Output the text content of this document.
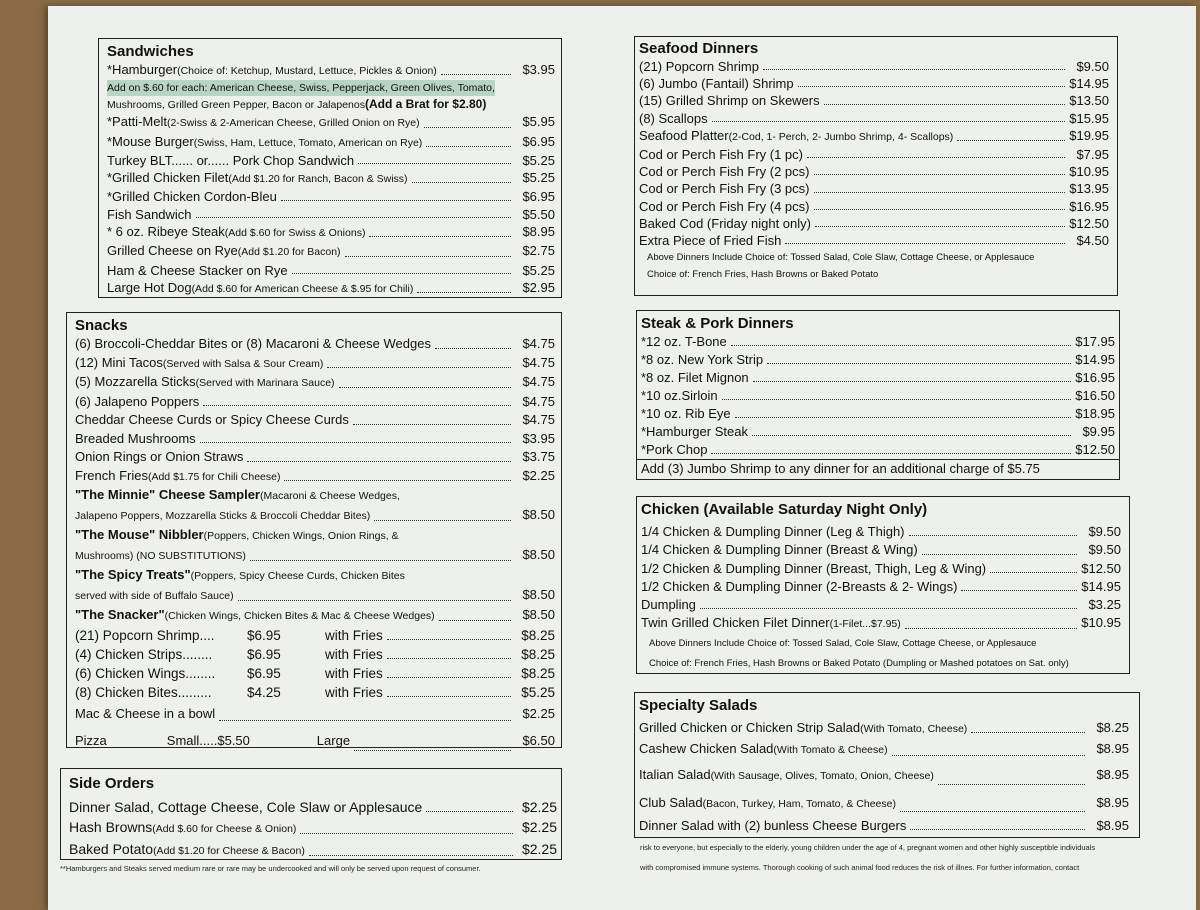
Sandwiches
*Hamburger (Choice of: Ketchup, Mustard, Lettuce, Pickles & Onion)	$3.95
Add on $.60 for each: American Cheese, Swiss, Pepperjack, Green Olives, Tomato,
Mushrooms, Grilled Green Pepper, Bacon or Jalapenos (Add a Brat for $2.80)
*Patti-Melt (2-Swiss & 2-American Cheese, Grilled Onion on Rye)	$5.95
*Mouse Burger (Swiss, Ham, Lettuce, Tomato, American on Rye)	$6.95
Turkey BLT...... or...... Pork Chop Sandwich	$5.25
*Grilled Chicken Filet (Add $1.20 for Ranch, Bacon & Swiss)	$5.25
*Grilled Chicken Cordon-Bleu	$6.95
Fish Sandwich	$5.50
* 6 oz. Ribeye Steak (Add $.60 for Swiss & Onions)	$8.95
Grilled Cheese on Rye (Add $1.20 for Bacon)	$2.75
Ham & Cheese Stacker on Rye	$5.25
Large Hot Dog (Add $.60 for American Cheese & $.95 for Chili)	$2.95
Snacks
(6) Broccoli-Cheddar Bites or (8) Macaroni & Cheese Wedges	$4.75
(12) Mini Tacos (Served with Salsa & Sour Cream)	$4.75
(5) Mozzarella Sticks (Served with Marinara Sauce)	$4.75
(6) Jalapeno Poppers	$4.75
Cheddar Cheese Curds or Spicy Cheese Curds	$4.75
Breaded Mushrooms	$3.95
Onion Rings or Onion Straws	$3.75
French Fries (Add $1.75 for Chili Cheese)	$2.25
"The Minnie" Cheese Sampler (Macaroni & Cheese Wedges,
Jalapeno Poppers, Mozzarella Sticks & Broccoli Cheddar Bites)	$8.50
"The Mouse" Nibbler (Poppers, Chicken Wings, Onion Rings, &
Mushrooms) (NO SUBSTITUTIONS)	$8.50
"The Spicy Treats" (Poppers, Spicy Cheese Curds, Chicken Bites
served with side of Buffalo Sauce)	$8.50
"The Snacker" (Chicken Wings, Chicken Bites & Mac & Cheese Wedges)	$8.50
(21) Popcorn Shrimp....	$6.95	with Fries	$8.25
(4) Chicken Strips........	$6.95	with Fries	$8.25
(6) Chicken Wings........	$6.95	with Fries	$8.25
(8) Chicken Bites.........	$4.25	with Fries	$5.25
Mac & Cheese in a bowl	$2.25
Pizza	Small.....$5.50	Large	$6.50
Side Orders
Dinner Salad, Cottage Cheese, Cole Slaw or Applesauce	$2.25
Hash Browns (Add $.60 for Cheese & Onion)	$2.25
Baked Potato (Add $1.20 for Cheese & Bacon)	$2.25
**Hamburgers and Steaks served medium rare or rare may be undercooked and will only be served upon request of consumer.
Seafood Dinners
(21) Popcorn Shrimp	$9.50
(6) Jumbo (Fantail) Shrimp	$14.95
(15) Grilled Shrimp on Skewers	$13.50
(8) Scallops	$15.95
Seafood Platter (2-Cod, 1- Perch, 2- Jumbo Shrimp, 4- Scallops)	$19.95
Cod or Perch Fish Fry (1 pc)	$7.95
Cod or Perch Fish Fry (2 pcs)	$10.95
Cod or Perch Fish Fry (3 pcs)	$13.95
Cod or Perch Fish Fry (4 pcs)	$16.95
Baked Cod (Friday night only)	$12.50
Extra Piece of Fried Fish	$4.50
Above Dinners Include Choice of: Tossed Salad, Cole Slaw, Cottage Cheese, or Applesauce
Choice of: French Fries, Hash Browns or Baked Potato
Steak & Pork Dinners
*12 oz. T-Bone	$17.95
*8 oz. New York Strip	$14.95
*8 oz. Filet Mignon	$16.95
*10 oz.Sirloin	$16.50
*10 oz. Rib Eye	$18.95
*Hamburger Steak	$9.95
*Pork Chop	$12.50
Add (3) Jumbo Shrimp to any dinner for an additional charge of $5.75
Chicken (Available Saturday Night Only)
1/4 Chicken & Dumpling Dinner (Leg & Thigh)	$9.50
1/4 Chicken & Dumpling Dinner (Breast & Wing)	$9.50
1/2 Chicken & Dumpling Dinner (Breast, Thigh, Leg & Wing)	$12.50
1/2 Chicken & Dumpling Dinner (2-Breasts & 2- Wings)	$14.95
Dumpling	$3.25
Twin Grilled Chicken Filet Dinner (1-Filet...$7.95)	$10.95
Above Dinners Include Choice of: Tossed Salad, Cole Slaw, Cottage Cheese, or Applesauce
Choice of: French Fries, Hash Browns or Baked Potato (Dumpling or Mashed potatoes on Sat. only)
Specialty Salads
Grilled Chicken or Chicken Strip Salad (With Tomato, Cheese)	$8.25
Cashew Chicken Salad (With Tomato & Cheese)	$8.95
Italian Salad (With Sausage, Olives, Tomato, Onion, Cheese)	$8.95
Club Salad (Bacon, Turkey, Ham, Tomato, & Cheese)	$8.95
Dinner Salad with (2) bunless Cheese Burgers	$8.95
risk to everyone, but especially to the elderly, young children under the age of 4, pregnant women and other highly susceptible individuals
with compromised immune systems. Thorough cooking of such animal food reduces the risk of illnes. For further information, contact
